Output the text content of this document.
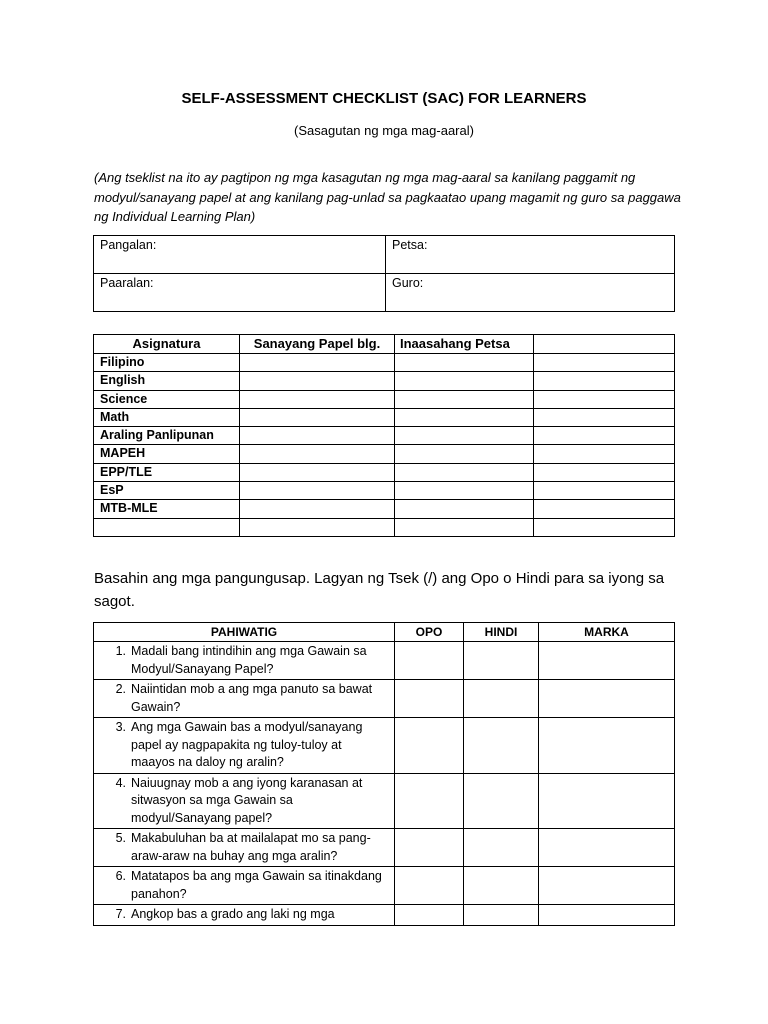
SELF-ASSESSMENT CHECKLIST (SAC) FOR LEARNERS
(Sasagutan ng mga mag-aaral)
(Ang tseklist na ito ay pagtipon ng mga kasagutan ng mga mag-aaral sa kanilang paggamit ng modyul/sanayang papel at ang kanilang pag-unlad sa pagkaatao upang magamit ng guro sa paggawa ng Individual Learning Plan)
Pangalan:	Petsa:
Paaralan:	Guro:
Asignatura	Sanayang Papel blg.	Inaasahang Petsa	
Filipino			
English			
Science			
Math			
Araling Panlipunan			
MAPEH			
EPP/TLE			
EsP			
MTB-MLE			

Basahin ang mga pangungusap. Lagyan ng Tsek (/) ang Opo o Hindi para sa iyong sa sagot.
PAHIWATIG	OPO	HINDI	MARKA

1. Madali bang intindihin ang mga Gawain sa Modyul/Sanayang Papel?			

2. Naiintidan mob a ang mga panuto sa bawat Gawain?			

3. Ang mga Gawain bas a modyul/sanayang papel ay nagpapakita ng tuloy-tuloy at maayos na daloy ng aralin?			

4. Naiuugnay mob a ang iyong karanasan at sitwasyon sa mga Gawain sa modyul/Sanayang papel?			

5. Makabuluhan ba at mailalapat mo sa pang-araw-araw na buhay ang mga aralin?			

6. Matatapos ba ang mga Gawain sa itinakdang panahon?			

7. Angkop bas a grado ang laki ng mga			
